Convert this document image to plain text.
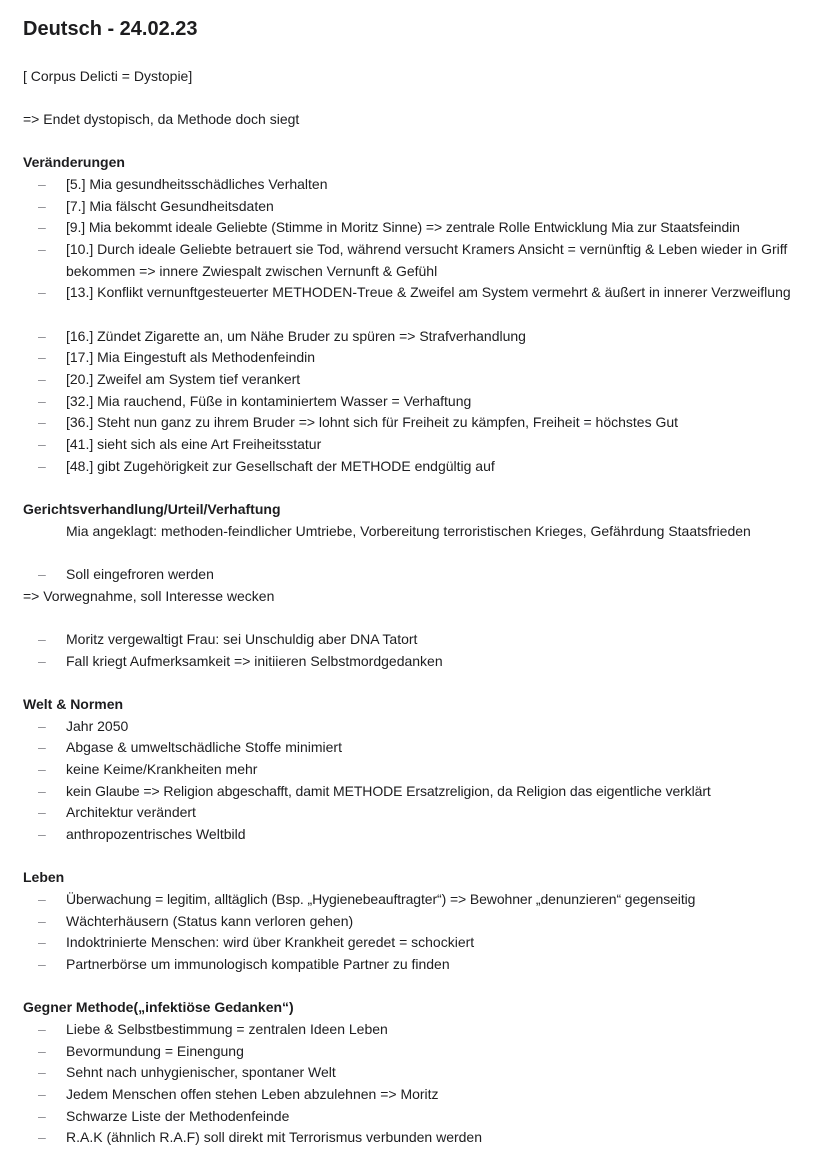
Deutsch - 24.02.23
[ Corpus Delicti = Dystopie]
=> Endet dystopisch, da Methode doch siegt
Veränderungen
–	[5.] Mia gesundheitsschädliches Verhalten
–	[7.] Mia fälscht Gesundheitsdaten
–	[9.] Mia bekommt ideale Geliebte (Stimme in Moritz Sinne) => zentrale Rolle Entwicklung Mia zur Staatsfeindin
–	[10.] Durch ideale Geliebte betrauert sie Tod, während versucht Kramers Ansicht = vernünftig & Leben wieder in Griff bekommen => innere Zwiespalt zwischen Vernunft & Gefühl
–	[13.] Konflikt vernunftgesteuerter METHODEN-Treue & Zweifel am System vermehrt & äußert in innerer Verzweiflung
–	[16.] Zündet Zigarette an, um Nähe Bruder zu spüren => Strafverhandlung
–	[17.] Mia Eingestuft als Methodenfeindin
–	[20.] Zweifel am System tief verankert
–	[32.] Mia rauchend, Füße in kontaminiertem Wasser = Verhaftung
–	[36.] Steht nun ganz zu ihrem Bruder => lohnt sich für Freiheit zu kämpfen, Freiheit = höchstes Gut
–	[41.] sieht sich als eine Art Freiheitsstatur
–	[48.] gibt Zugehörigkeit zur Gesellschaft der METHODE endgültig auf
Gerichtsverhandlung/Urteil/Verhaftung
Mia angeklagt: methoden-feindlicher Umtriebe, Vorbereitung terroristischen Krieges, Gefährdung Staatsfrieden
–	Soll eingefroren werden
=> Vorwegnahme, soll Interesse wecken
–	Moritz vergewaltigt Frau: sei Unschuldig aber DNA Tatort
–	Fall kriegt Aufmerksamkeit => initiieren Selbstmordgedanken
Welt & Normen
–	Jahr 2050
–	Abgase & umweltschädliche Stoffe minimiert
–	keine Keime/Krankheiten mehr
–	kein Glaube => Religion abgeschafft, damit METHODE Ersatzreligion, da Religion das eigentliche verklärt
–	Architektur verändert
–	anthropozentrisches Weltbild
Leben
–	Überwachung = legitim, alltäglich (Bsp. „Hygienebeauftragter“) => Bewohner „denunzieren“ gegenseitig
–	Wächterhäusern (Status kann verloren gehen)
–	Indoktrinierte Menschen: wird über Krankheit geredet = schockiert
–	Partnerbörse um immunologisch kompatible Partner zu finden
Gegner Methode(„infektiöse Gedanken“)
–	Liebe & Selbstbestimmung = zentralen Ideen Leben
–	Bevormundung = Einengung
–	Sehnt nach unhygienischer, spontaner Welt
–	Jedem Menschen offen stehen Leben abzulehnen => Moritz
–	Schwarze Liste der Methodenfeinde
–	R.A.K (ähnlich R.A.F) soll direkt mit Terrorismus verbunden werden
